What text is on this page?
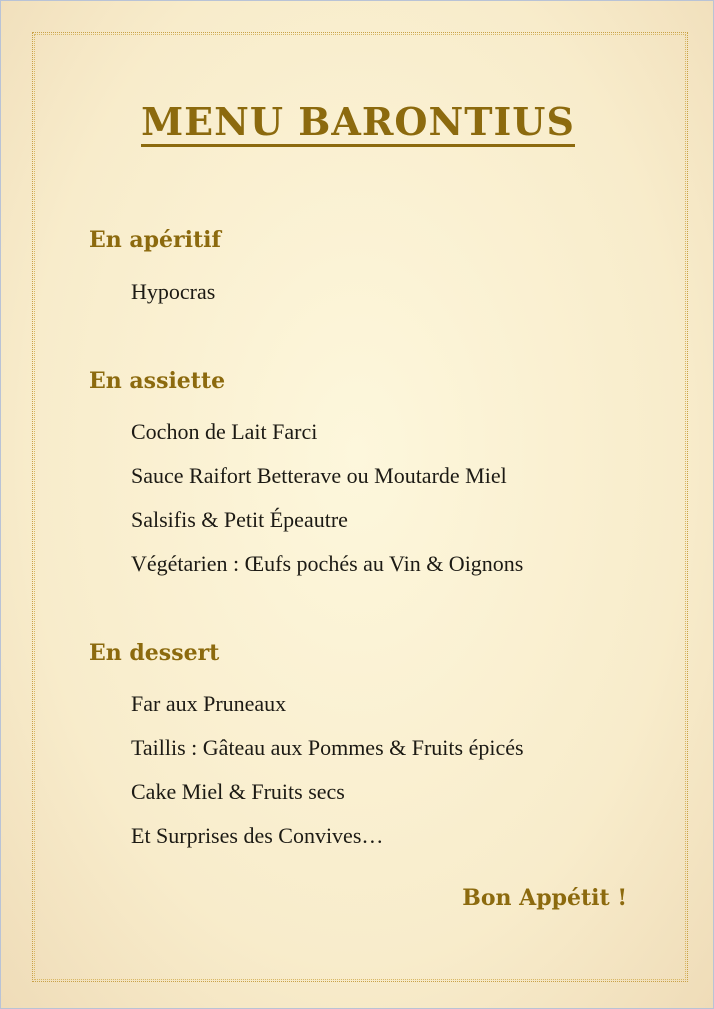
MENU BARONTIUS
En apéritif
Hypocras
En assiette
Cochon de Lait Farci
Sauce Raifort Betterave ou Moutarde Miel
Salsifis & Petit Épeautre
Végétarien : Œufs pochés au Vin & Oignons
En dessert
Far aux Pruneaux
Taillis : Gâteau aux Pommes & Fruits épicés
Cake Miel & Fruits secs
Et Surprises des Convives…
Bon Appétit !
